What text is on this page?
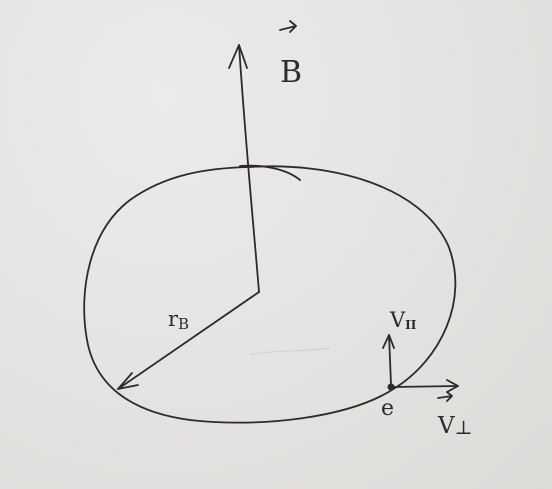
B
rB
e
VII
V⊥
